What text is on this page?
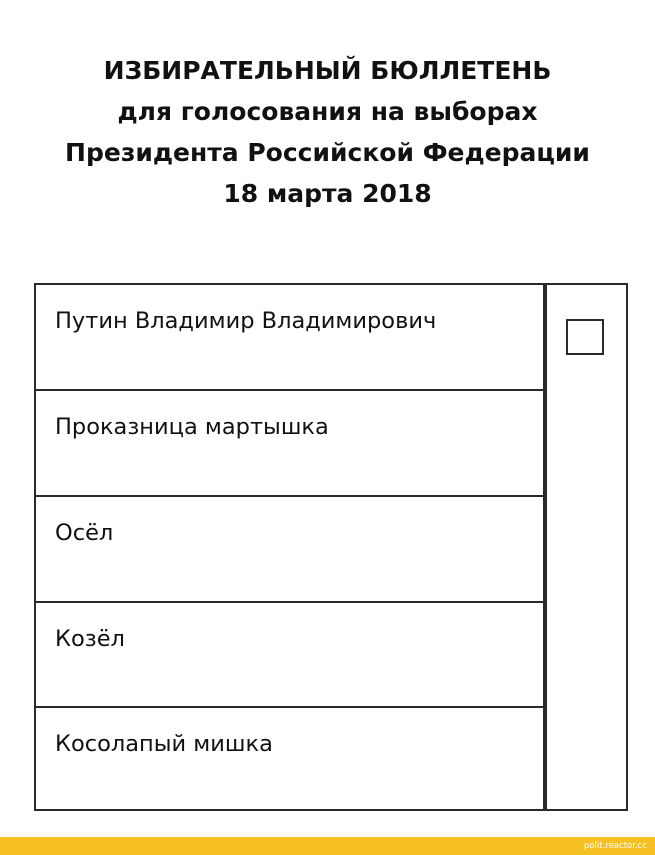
ИЗБИРАТЕЛЬНЫЙ БЮЛЛЕТЕНЬ
для голосования на выборах
Президента Российской Федерации
18 марта 2018
Путин Владимир Владимирович
Проказница мартышка
Осёл
Козёл
Косолапый мишка
polit.reactor.cc
